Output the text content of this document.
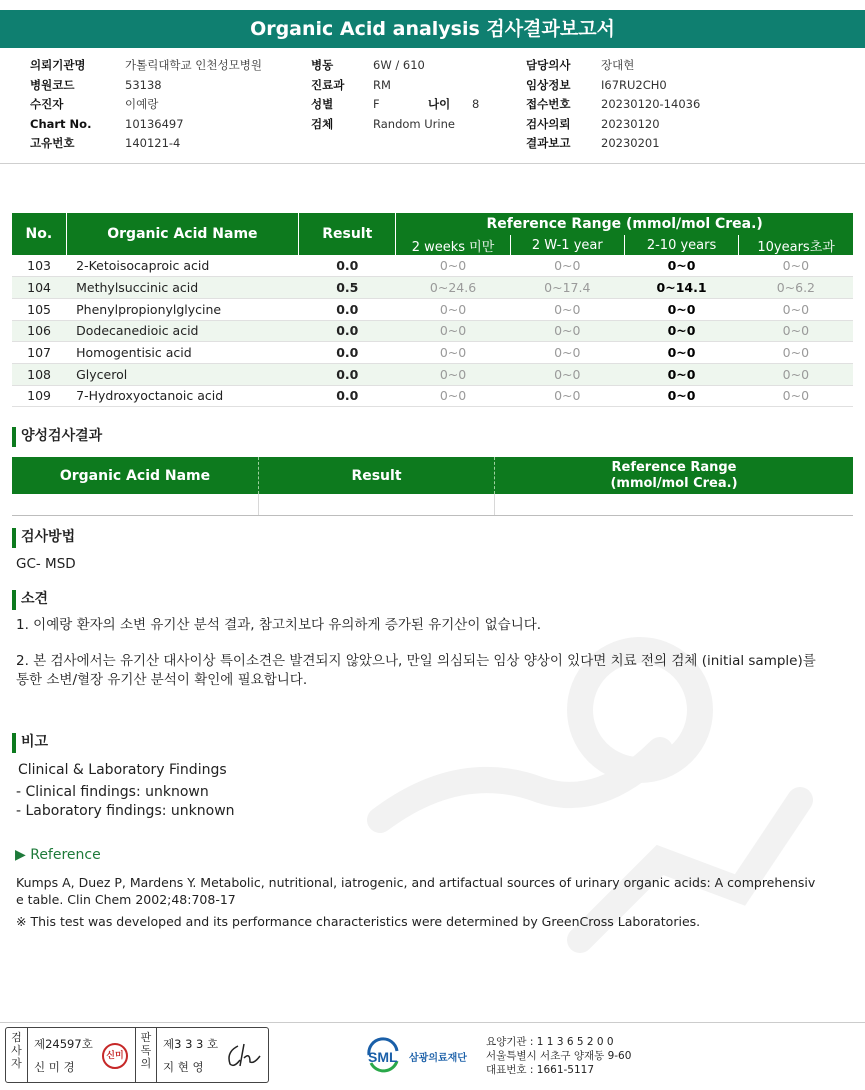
Organic Acid analysis 검사결과보고서
의뢰기관명	가톨릭대학교 인천성모병원
병원코드	53138
수진자	이예랑
Chart No.	10136497
고유번호	140121-4
병동	6W / 610
진료과 RM
성별	F	나이 8
검체	Random Urine
담당의사	장대현
임상정보	I67RU2CH0
접수번호	20230120-14036
검사의뢰	20230120
결과보고	20230201
No.	Organic Acid Name	Result	Reference Range (mmol/mol Crea.)			
			2 weeks 미만	2 W-1 year	2-10 years	10years초과
103	2-Ketoisocaproic acid	0.0	0~0	0~0	0~0	0~0
104	Methylsuccinic acid	0.5	0~24.6	0~17.4	0~14.1	0~6.2
105	Phenylpropionylglycine	0.0	0~0	0~0	0~0	0~0
106	Dodecanedioic acid	0.0	0~0	0~0	0~0	0~0
107	Homogentisic acid	0.0	0~0	0~0	0~0	0~0
108	Glycerol	0.0	0~0	0~0	0~0	0~0
109	7-Hydroxyoctanoic acid	0.0	0~0	0~0	0~0	0~0
양성검사결과
Organic Acid Name	Result
Reference Range
(mmol/mol Crea.)
검사방법
GC- MSD
소견
1. 이예랑 환자의 소변 유기산 분석 결과, 참고치보다 유의하게 증가된 유기산이 없습니다.
2. 본 검사에서는 유기산 대사이상 특이소견은 발견되지 않았으나, 만일 의심되는 임상 양상이 있다면 치료 전의 검체 (initial sample)를
통한 소변/혈장 유기산 분석이 확인에 필요합니다.
비고
Clinical & Laboratory Findings
- Clinical findings: unknown
- Laboratory findings: unknown
▶ Reference
Kumps A, Duez P, Mardens Y. Metabolic, nutritional, iatrogenic, and artifactual sources of urinary organic acids: A comprehensiv
e table. Clin Chem 2002;48:708-17
※ This test was developed and its performance characteristics were determined by GreenCross Laboratories.
검사자
제24597호
신 미 경
신미
판독의
제3 3 3 호
지 현 영
SML 삼광의료재단
요양기관 : 1 1 3 6 5 2 0 0
서울특별시 서초구 양재동 9-60
대표번호 : 1661-5117
